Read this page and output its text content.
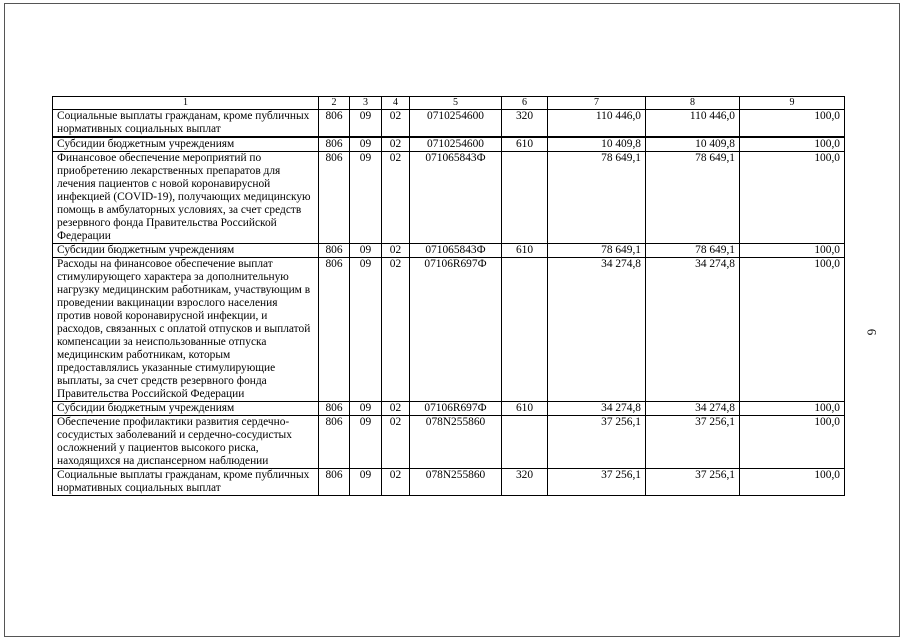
1	2	3	4	5	6	7	8	9
Социальные выплаты гражданам, кроме публичных нормативных социальных выплат	806	09	02	0710254600	320	110 446,0	110 446,0	100,0
Субсидии бюджетным учреждениям	806	09	02	0710254600	610	10 409,8	10 409,8	100,0
Финансовое обеспечение мероприятий по приобретению лекарственных препаратов для лечения пациентов с новой коронавирусной инфекцией (COVID-19), получающих медицинскую помощь в амбулаторных условиях, за счет средств резервного фонда Правительства Российской Федерации	806	09	02	071065843Ф		78 649,1	78 649,1	100,0
Субсидии бюджетным учреждениям	806	09	02	071065843Ф	610	78 649,1	78 649,1	100,0
Расходы на финансовое обеспечение выплат стимулирующего характера за дополнительную нагрузку медицинским работникам, участвующим в проведении вакцинации взрослого населения против новой коронавирусной инфекции, и расходов, связанных с оплатой отпусков и выплатой компенсации за неиспользованные отпуска медицинским работникам, которым предоставлялись указанные стимулирующие выплаты, за счет средств резервного фонда Правительства Российской Федерации	806	09	02	07106R697Ф		34 274,8	34 274,8	100,0
Субсидии бюджетным учреждениям	806	09	02	07106R697Ф	610	34 274,8	34 274,8	100,0
Обеспечение профилактики развития сердечно-сосудистых заболеваний и сердечно-сосудистых осложнений у пациентов высокого риска, находящихся на диспансерном наблюдении	806	09	02	078N255860		37 256,1	37 256,1	100,0
Социальные выплаты гражданам, кроме публичных нормативных социальных выплат	806	09	02	078N255860	320	37 256,1	37 256,1	100,0
6
